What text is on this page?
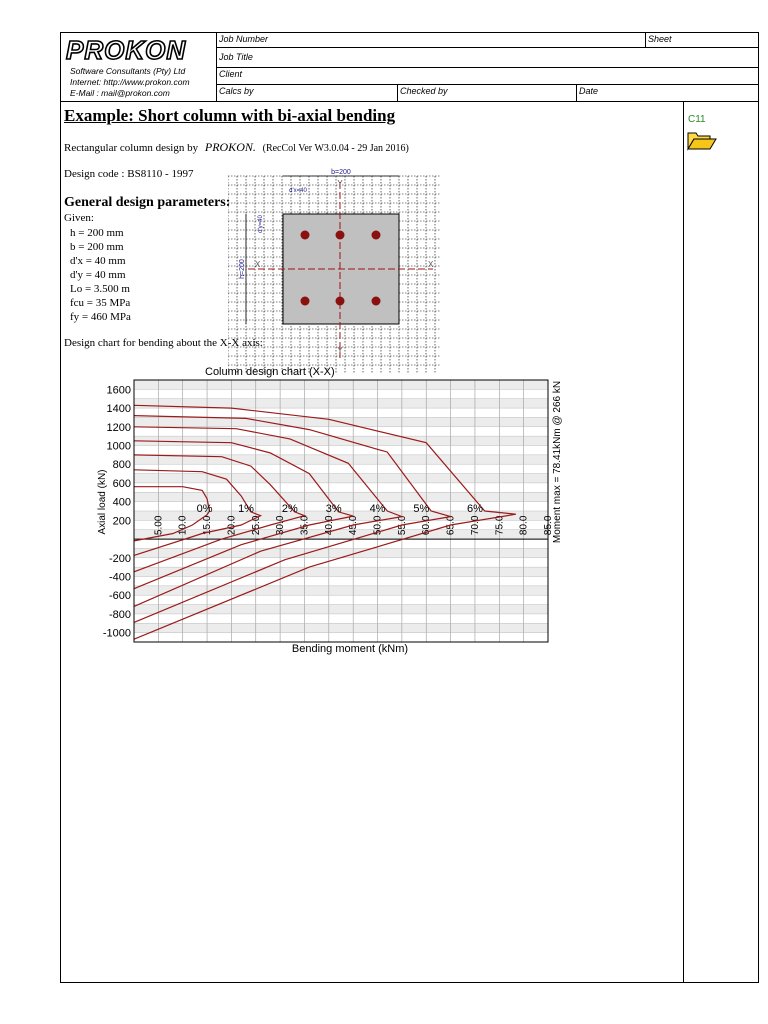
PROKON
Software Consultants (Pty) Ltd
Internet: http://www.prokon.com
E-Mail : mail@prokon.com
Job Number	Sheet
Job Title
Client
Calcs by	Checked by	Date
C11
Example: Short column with bi-axial bending
Rectangular column design by PROKON. (RecCol Ver W3.0.04 - 29 Jan 2016)
Design code : BS8110 - 1997	b=200
h=200
d'x=40
d'y=40
Y
Y
X	X
General design parameters:
Given:
h = 200 mm
b = 200 mm
d'x = 40 mm
d'y = 40 mm
Lo = 3.500 m
fcu = 35 MPa
fy = 460 MPa
Design chart for bending about the X-X axis:
Column design chart (X-X)
1600
1400
1200
1000
800
600
400
200
-200
-400
-600
-800
-1000
5.00 10.0 15.0 20.0 25.0 30.0 35.0 40.0 45.0 50.0 55.0 60.0 65.0 70.0 75.0 80.0 85.0
0% 1%	2%	3%	4%	5%	6%
Bending moment (kNm)
Axial load (kN)	Moment max = 78.41kNm @ 266 kN
